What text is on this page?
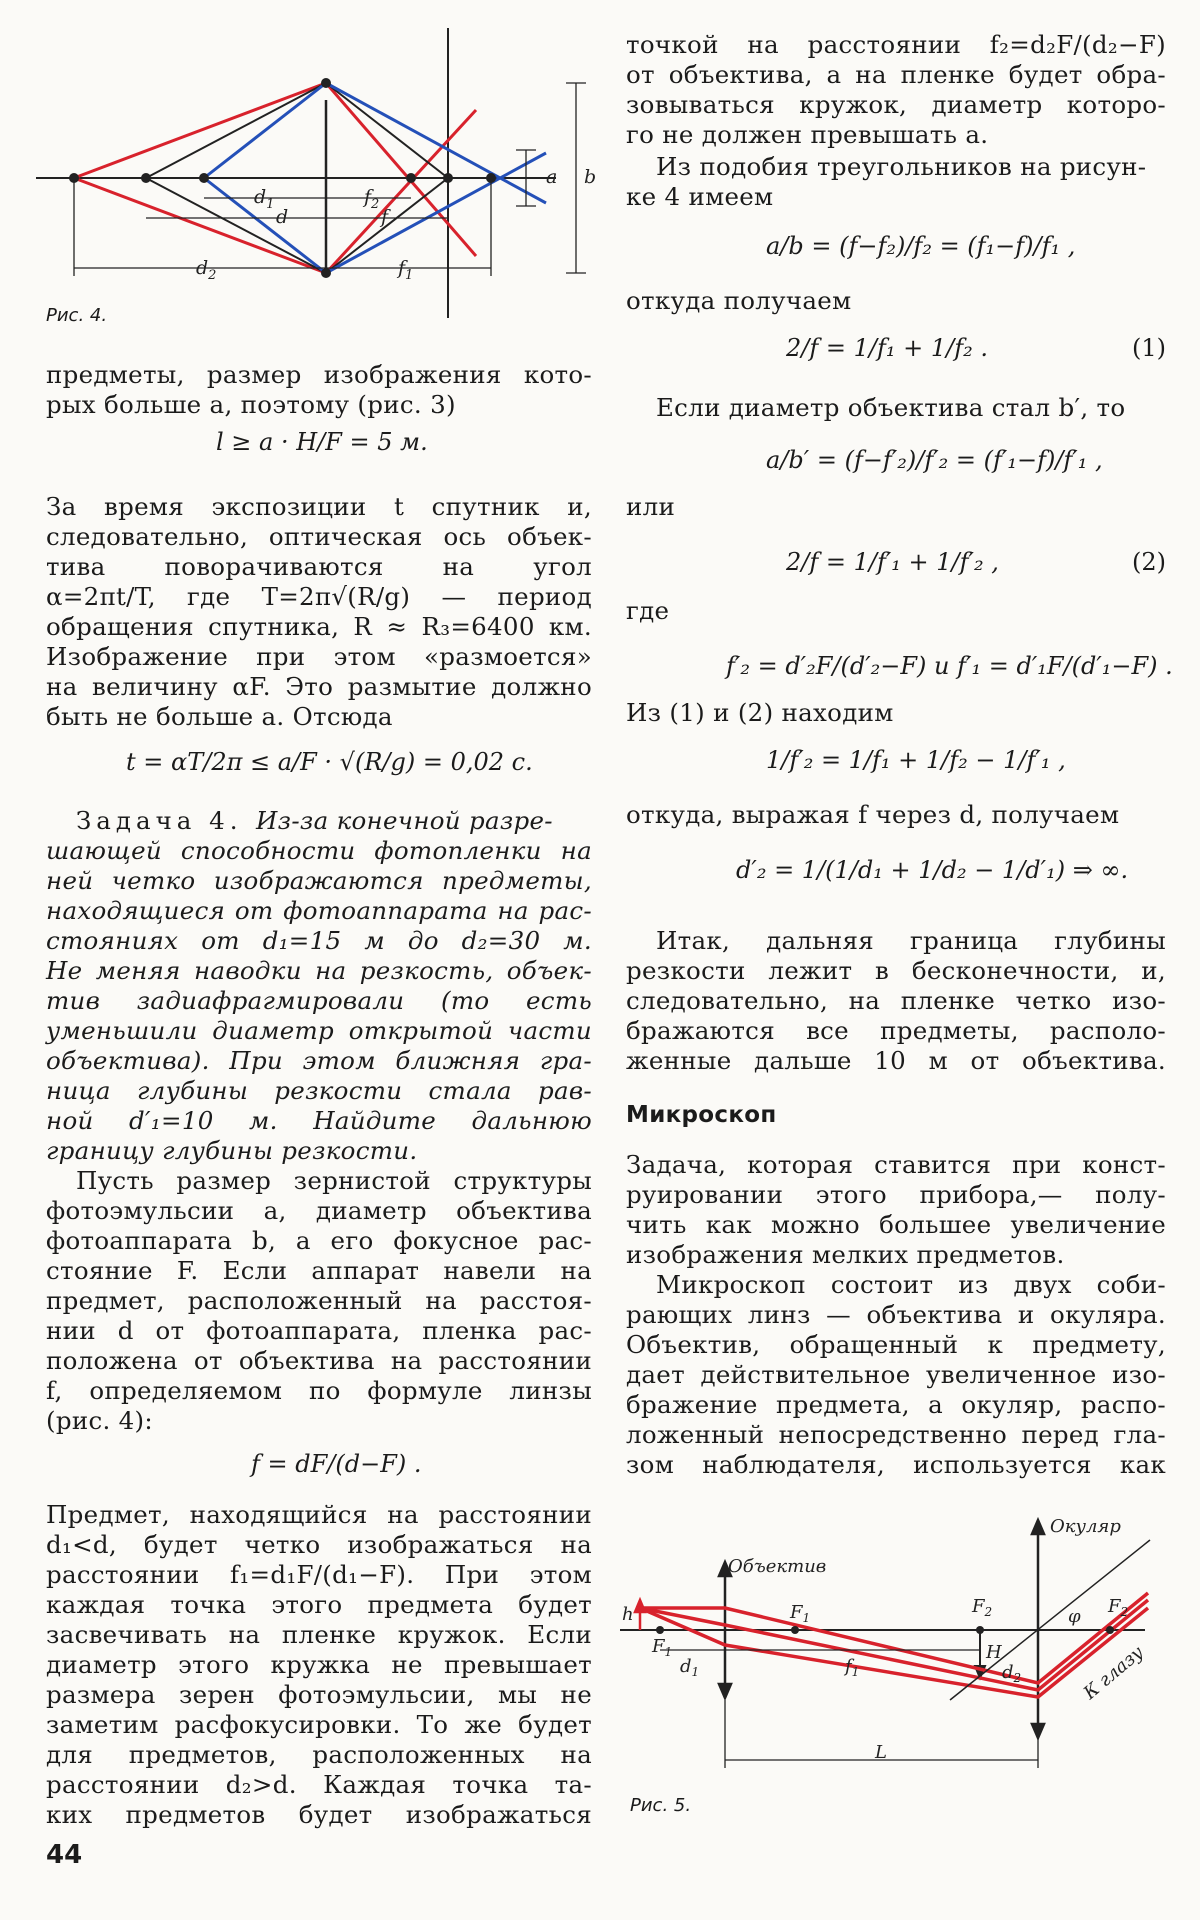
$d_1$
d
$f_2$
f
$d_2$	$f_1$
a b
Рис. 4.
предметы, размер изображения кото-
рых больше a, поэтому (рис. 3)
l ≥ a · H/F = 5 м.
За время экспозиции t спутник и,
следовательно, оптическая ось объек-
тива поворачиваются на угол
α=2πt/T, где T=2π√(R/g) — период
обращения спутника, R ≈ R₃=6400 км.
Изображение при этом «размоется»
на величину αF. Это размытие должно
быть не больше a. Отсюда
t = αT/2π ≤ a/F · √(R/g) = 0,02 с.
Задача 4. Из-за конечной разре-
шающей способности фотопленки на
ней четко изображаются предметы,
находящиеся от фотоаппарата на рас-
стояниях от d₁=15 м до d₂=30 м.
Не меняя наводки на резкость, объек-
тив задиафрагмировали (то есть
уменьшили диаметр открытой части
объектива). При этом ближняя гра-
ница глубины резкости стала рав-
ной d′₁=10 м. Найдите дальнюю
границу глубины резкости.
Пусть размер зернистой структуры
фотоэмульсии a, диаметр объектива
фотоаппарата b, а его фокусное рас-
стояние F. Если аппарат навели на
предмет, расположенный на расстоя-
нии d от фотоаппарата, пленка рас-
положена от объектива на расстоянии
f, определяемом по формуле линзы
(рис. 4):
f = dF/(d−F) .
Предмет, находящийся на расстоянии
d₁<d, будет четко изображаться на
расстоянии f₁=d₁F/(d₁−F). При этом
каждая точка этого предмета будет
засвечивать на пленке кружок. Если
диаметр этого кружка не превышает
размера зерен фотоэмульсии, мы не
заметим расфокусировки. То же будет
для предметов, расположенных на
расстоянии d₂>d. Каждая точка та-
ких предметов будет изображаться
точкой на расстоянии f₂=d₂F/(d₂−F)
от объектива, а на пленке будет обра-
зовываться кружок, диаметр которо-
го не должен превышать a.
Из подобия треугольников на рисун-
ке 4 имеем
a/b = (f−f₂)/f₂ = (f₁−f)/f₁ ,
откуда получаем
2/f = 1/f₁ + 1/f₂ .	(1)
Если диаметр объектива стал b′, то
a/b′ = (f−f′₂)/f′₂ = (f′₁−f)/f′₁ ,
или
2/f = 1/f′₁ + 1/f′₂ ,	(2)
где
f′₂ = d′₂F/(d′₂−F) и f′₁ = d′₁F/(d′₁−F) .
Из (1) и (2) находим
1/f′₂ = 1/f₁ + 1/f₂ − 1/f′₁ ,
откуда, выражая f через d, получаем
d′₂ = 1/(1/d₁ + 1/d₂ − 1/d′₁) ⇒ ∞.
Итак, дальняя граница глубины
резкости лежит в бесконечности, и,
следовательно, на пленке четко изо-
бражаются все предметы, располо-
женные дальше 10 м от объектива.
Микроскоп
Задача, которая ставится при конст-
руировании этого прибора,— полу-
чить как можно большее увеличение
изображения мелких предметов.
Микроскоп состоит из двух соби-
рающих линз — объектива и окуляра.
Объектив, обращенный к предмету,
дает действительное увеличенное изо-
бражение предмета, а окуляр, распо-
ложенный непосредственно перед гла-
зом наблюдателя, используется как
Объектив
Окуляр
h
$F_1$
$F_1$
$F_2$	$F_2$
H
φ
$d_1$	$f_1$	$d_2$
L
К глазу
Рис. 5.
44
